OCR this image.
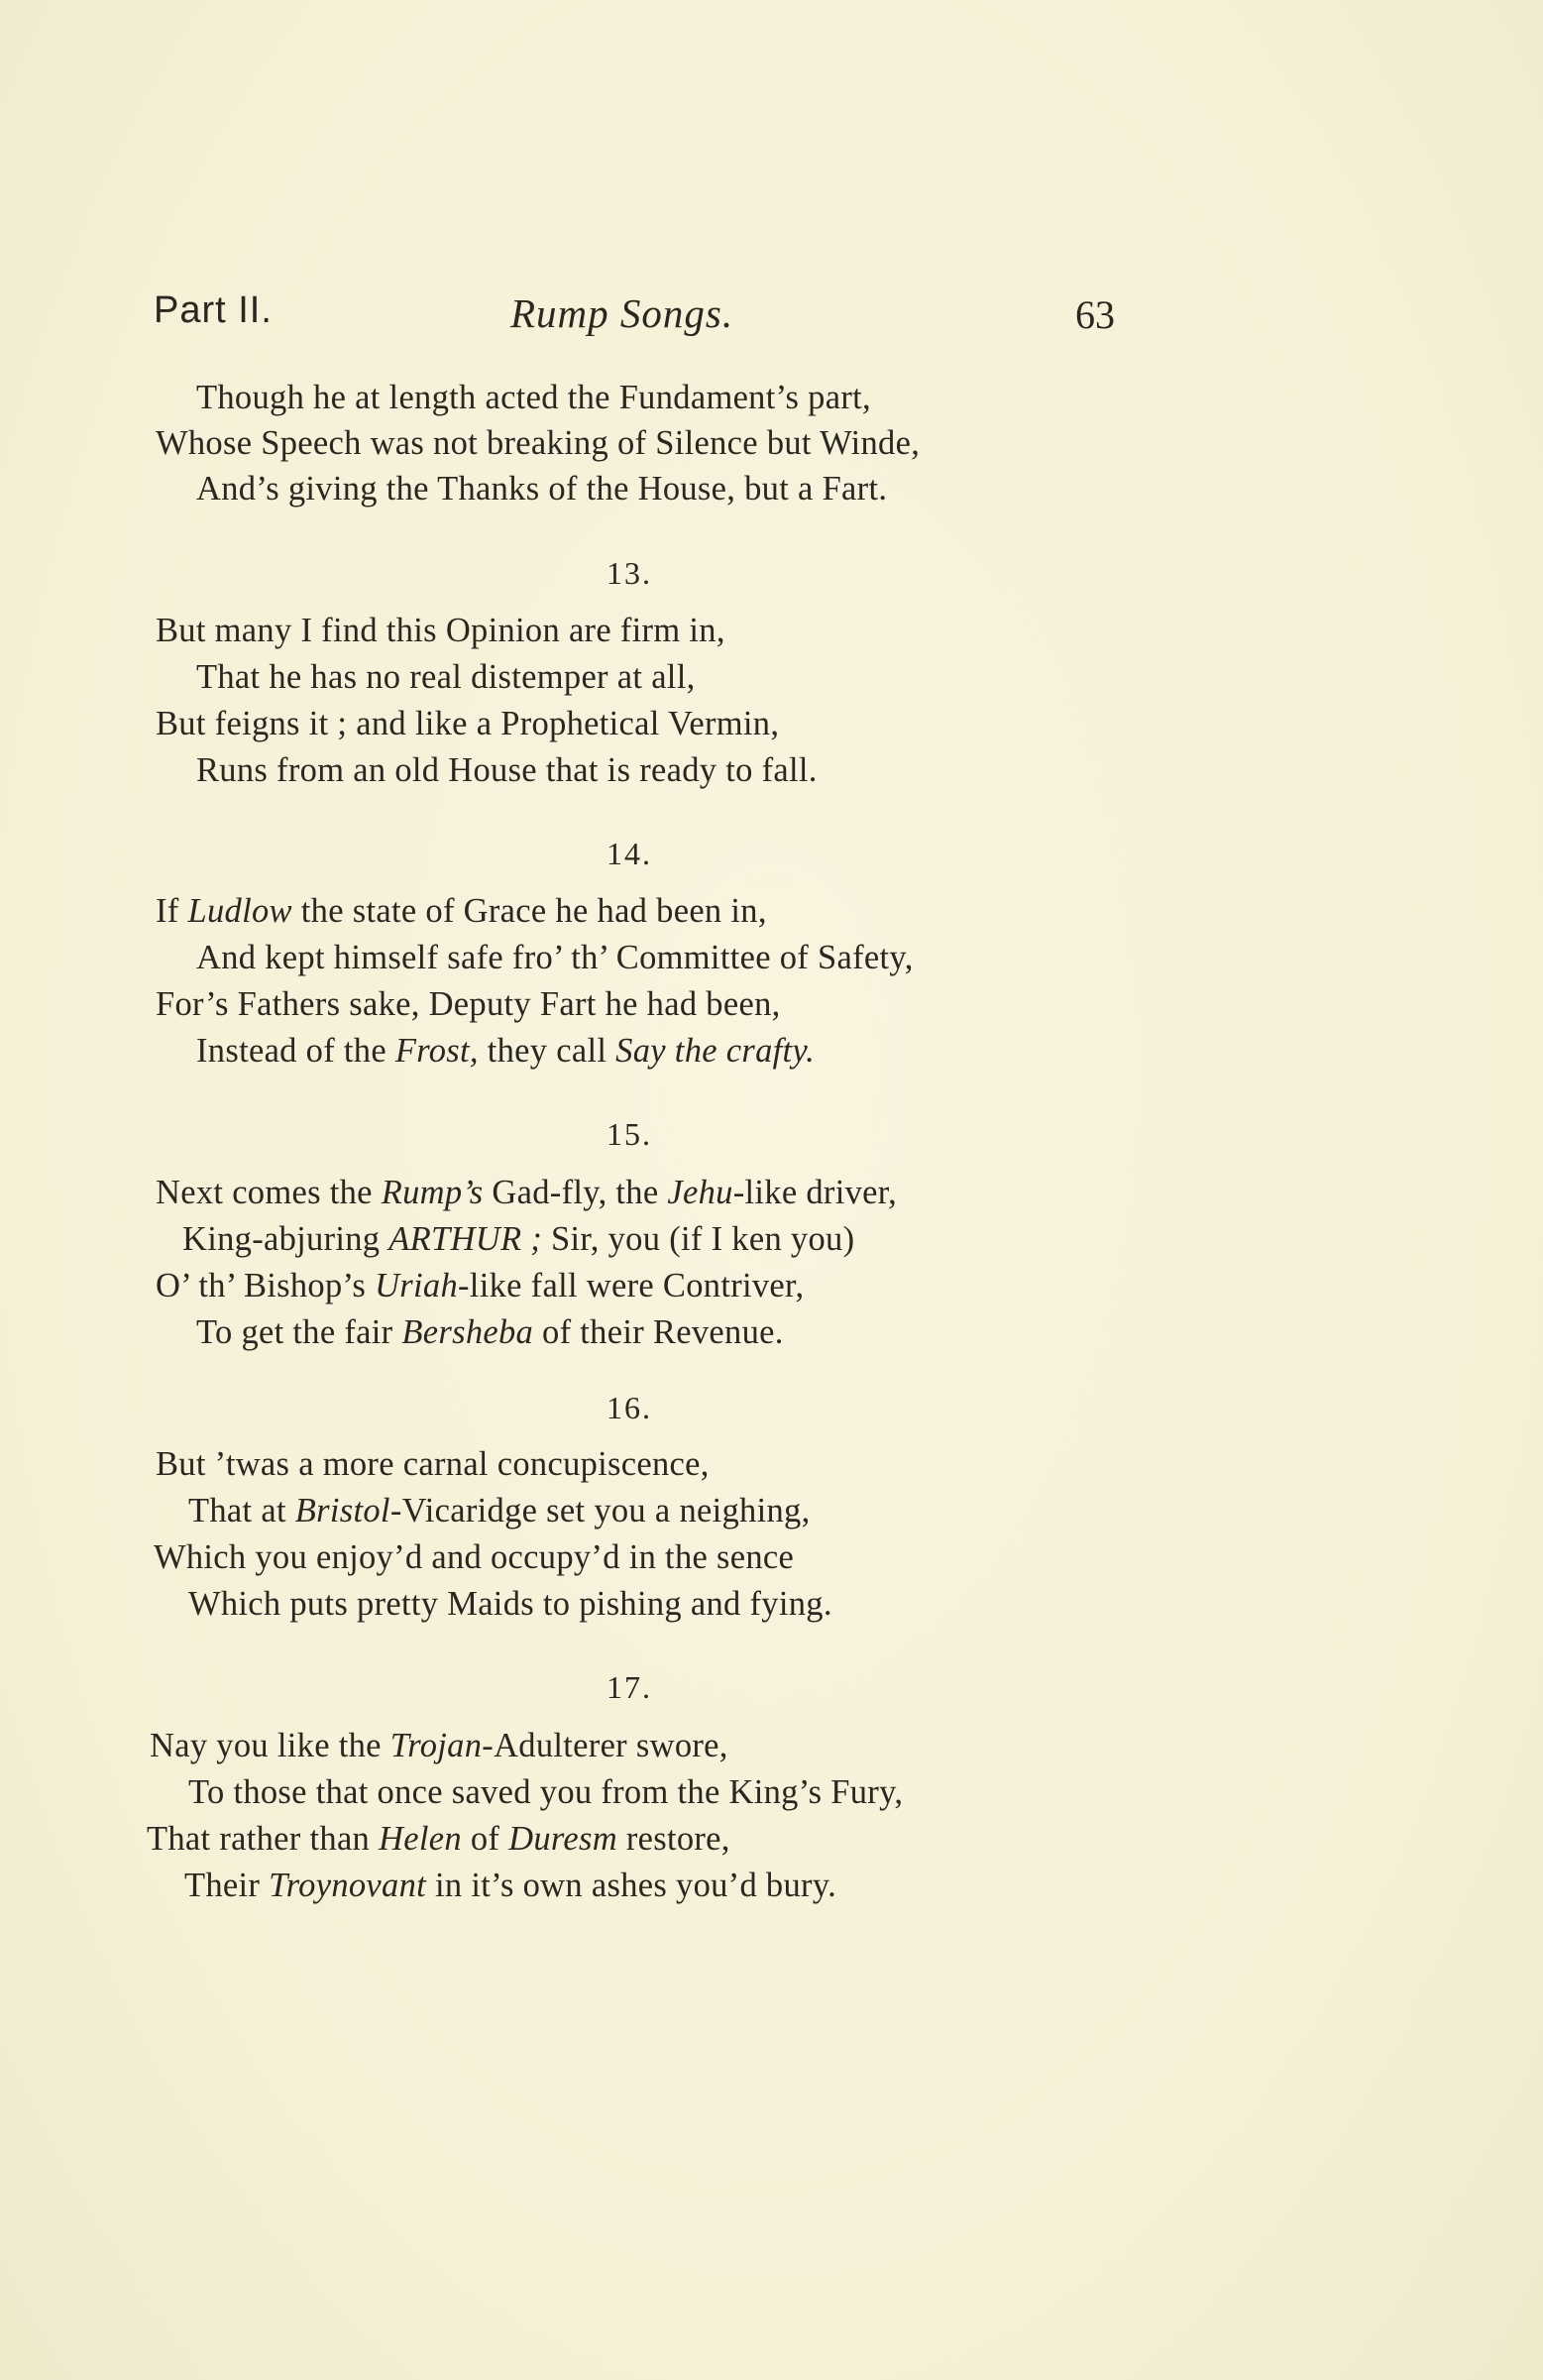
Part II.	Rump Songs.	63
Though he at length acted the Fundament’s part,
Whose Speech was not breaking of Silence but Winde,
And’s giving the Thanks of the House, but a Fart.
13.
But many I find this Opinion are firm in,
That he has no real distemper at all,
But feigns it ; and like a Prophetical Vermin,
Runs from an old House that is ready to fall.
14.
If Ludlow the state of Grace he had been in,
And kept himself safe fro’ th’ Committee of Safety,
For’s Fathers sake, Deputy Fart he had been,
Instead of the Frost, they call Say the crafty.
15.
Next comes the Rump’s Gad-fly, the Jehu-like driver,
King-abjuring ARTHUR ; Sir, you (if I ken you)
O’ th’ Bishop’s Uriah-like fall were Contriver,
To get the fair Bersheba of their Revenue.
16.
But ’twas a more carnal concupiscence,
That at Bristol-Vicaridge set you a neighing,
Which you enjoy’d and occupy’d in the sence
Which puts pretty Maids to pishing and fying.
17.
Nay you like the Trojan-Adulterer swore,
To those that once saved you from the King’s Fury,
That rather than Helen of Duresm restore,
Their Troynovant in it’s own ashes you’d bury.
